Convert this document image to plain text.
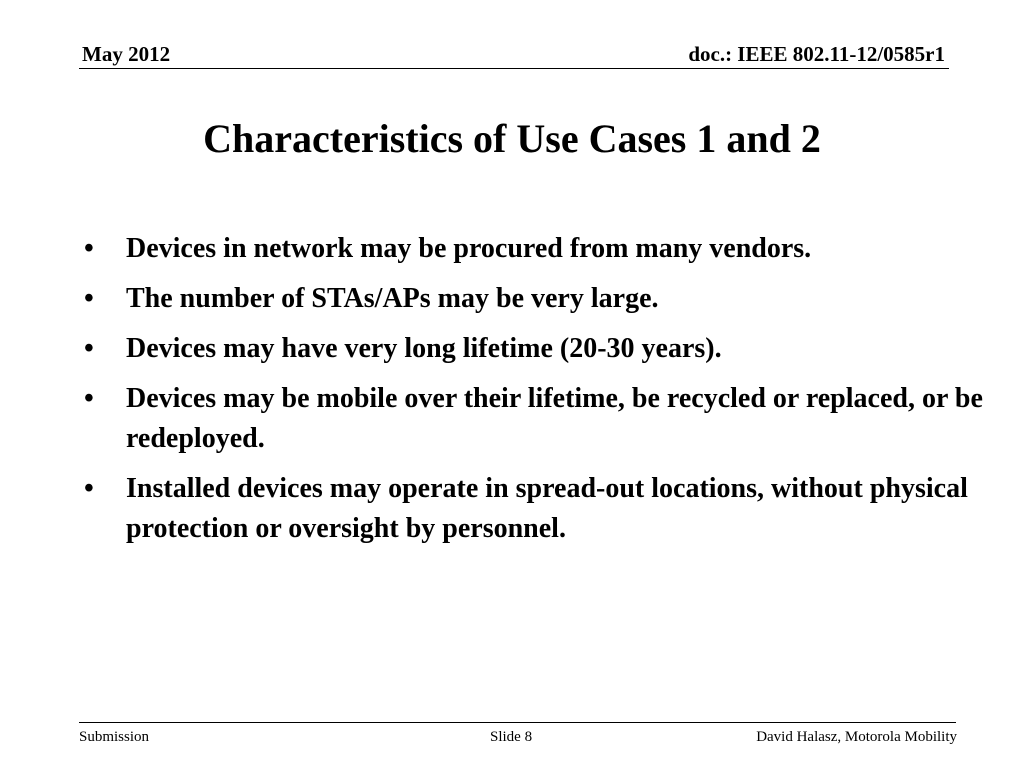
May 2012	doc.: IEEE 802.11-12/0585r1
Characteristics of Use Cases 1 and 2
• Devices in network may be procured from many vendors.
• The number of STAs/APs may be very large.
• Devices may have very long lifetime (20-30 years).
• Devices may be mobile over their lifetime, be recycled or replaced, or be redeployed.
• Installed devices may operate in spread-out locations, without physical protection or oversight by personnel.
Submission	Slide 8	David Halasz, Motorola Mobility
